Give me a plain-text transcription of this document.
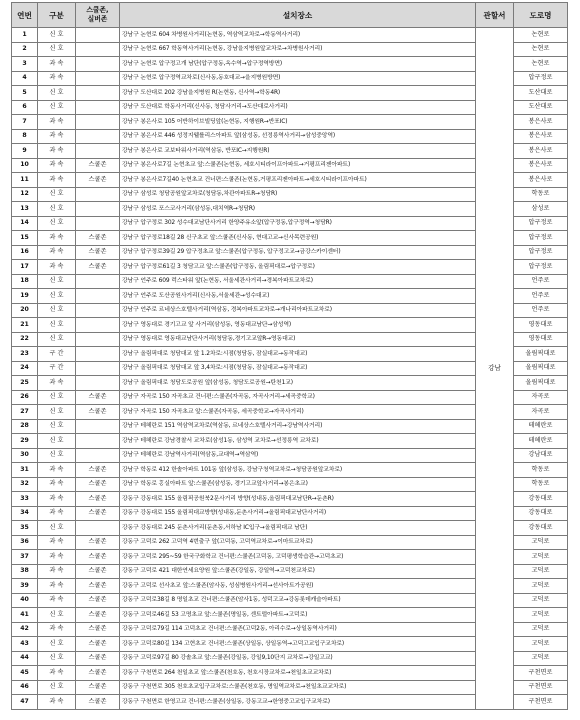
연번	구분	스쿨존,
실버존	설치장소	관할서	도로명
1	신 호		강남구 논현로 604 차병원사거리(논현동, 역삼역교차로→학동역사거리)	강남	논현로
2	신 호		강남구 논현로 667 학동역사거리(논현동, 강남을지병원앞교차로→차병원사거리)		논현로
3	과 속		강남구 논현로 압구정고개 남단(압구정동,옥수역→압구정역방면)		논현로
4	과 속		강남구 논현로 압구정역교차로(신사동,동호대교→을지병원방면)		압구정로
5	신 호		강남구 도산대로 202 강남을지병원 R(논현동, 신사역→학동4R)		도산대로
6	신 호		강남구 도산대로 학동사거리(신사동, 청담사거리→도산대로사거리)		도산대로
7	과 속		강남구 봉은사로 105 어반하이브빌딩앞(논현동, 지행원R→반포IC)		봉은사로
8	과 속		강남구 봉은사로 446 성정지웰를리스아파트 앞(삼성동, 선정릉역사거리→삼성중앙역)		봉은사로
9	과 속		강남구 봉은사로 교보타워사거리(역삼동, 반포IC→지행원R)		봉은사로
10	과 속	스쿨존	강남구 봉은사로7길 논현초교 앞:스쿨존(논현동, 세호시티라이프아파트→거평프리젠아파트)		봉은사로
11	과 속	스쿨존	강남구 봉은사로7길40 논현초교 건너편:스쿨존(논현동,거평프리젠아파트→세호시티라이프아파트)		봉은사로
12	신 호		강남구 삼성로 청담공원앞교차로(청담동,차관아파트R→청담R)		학동로
13	신 호		강남구 삼성로 포스코사거리(삼성동,대치역R→청담R)		삼성로
14	신 호		강남구 압구정로 302 성수대교남단사거리 한양주유소앞(압구정동,압구정역→청담R)		압구정로
15	과 속	스쿨존	강남구 압구정로18길 28 신구초교 앞:스쿨존(신사동, 현대고교→신사목련공원)		압구정로
16	과 속	스쿨존	강남구 압구정로39길 29 압구정초교 앞:스쿨존(압구정동, 압구정고교→금강스카이센터)		압구정로
17	과 속	스쿨존	강남구 압구정로61길 3 청담고교 앞:스쿨존(압구정동, 올림픽대로→압구정로)		압구정로
18	신 호		강남구 언주로 609 럭스타워 앞(논현동, 서울세관사거리→경복아파트교차로)		언주로
19	신 호		강남구 언주로 도산공원사거리(신사동,서울세관→성수대교)		언주로
20	신 호		강남구 언주로 르네상스호텔사거리(역삼동, 경복아파트교차로→개나리아파트교차로)		언주로
21	신 호		강남구 영동대로 경기고교 앞 사거리(삼성동, 영동대교남단→삼성역)		영동대로
22	신 호		강남구 영동대로 영동대교남단사거리(청담동,경기고교앞R→영동대교)		영동대로
23	구 간		강남구 올림픽대로 청담대교 앞 1.2차로:시점(청담동, 잠실대교→동작대교)		올림픽대로
24	구 간		강남구 올림픽대로 청담대교 앞 3,4차로:시점(청담동, 잠실대교→동작대교)		올림픽대로
25	과 속		강남구 올림픽대로 청담도로공원 앞(삼성동, 청담도로공원→탄천1교)		올림픽대로
26	신 호	스쿨존	강남구 자곡로 150 자곡초교 건너편:스쿨존(자곡동, 자곡사거리→세곡중학교)		자곡로
27	신 호	스쿨존	강남구 자곡로 150 자곡초교 앞:스쿨존(자곡동, 세곡중학교→자곡사거리)		자곡로
28	신 호		강남구 테헤란로 151 역삼역교차로(역삼동, 르네상스호텔사거리→강남역사거리)		테헤란로
29	신 호		강남구 테헤란로 강남경찰서 교차로(삼성1동, 삼성역 교차로→선정릉역 교차로)		테헤란로
30	신 호		강남구 테헤란로 강남역사거리(역삼동,교대역→역삼역)		강남대로
31	과 속	스쿨존	강남구 학동로 412 한솔아파트 101동 앞(삼성동, 강남구청역교차로→청담공원앞교차로)		학동로
32	과 속	스쿨존	강남구 학동로 홍실아파트 앞:스쿨존(삼성동, 경기고교앞사거리→봉은초교)		학동로
33	과 속	스쿨존	강동구 강동대로 155 올림픽공원북2문사거리 방향(성내동,올림픽대교남단R→둔촌R)		강동대로
34	과 속	스쿨존	강동구 강동대로 155 올림픽대교방향(성내동,둔촌사거리→올림픽대교남단사거리)		강동대로
35	신 호		강동구 강동대로 245 둔촌사거리(둔촌동,서하남 IC입구→올림픽대교 남단)		강동대로
36	과 속	스쿨존	강동구 고덕로 262 고덕역 4번출구 앞(고덕동, 고덕역교차로→이마트교차로)		고덕로
37	과 속	스쿨존	강동구 고덕로 295~59 한국구화학교 건너편:스쿨존(고덕동, 고덕평생학습관→고덕초교)		고덕로
38	과 속	스쿨존	강동구 고덕로 421 대한연세요양원 앞:스쿨존(강일동, 강일역→고덕천교차로)		고덕로
39	과 속	스쿨존	강동구 고덕로 선사초교 앞:스쿨존(암사동, 성심병원사거리→선사아트가공원)		고덕로
40	과 속	스쿨존	강동구 고덕로38길 8 명일초교 건너편:스쿨존(암사1동, 성덕고교→강동롯데캐슬아파트)		고덕로
41	신 호	스쿨존	강동구 고덕로46길 53 고명초교 앞:스쿨존(명일동, 센트럴아파트→고덕로)		고덕로
42	과 속	스쿨존	강동구 고덕로79길 114 고덕초교 건너편:스쿨존(고덕2동, 아리수로→상일동역사거리)		고덕로
43	신 호	스쿨존	강동구 고덕로80길 134 고현초교 건너편:스쿨존(상일동, 상일동역→고덕고교입구교차로)		고덕로
44	신 호	스쿨존	강동구 고덕로97길 80 강솔초교 앞:스쿨존(강일동, 강일9,10단지 교차로→강일고교)		고덕로
45	과 속	스쿨존	강동구 구천면로 264 천일초교 앞:스쿨존(천호동, 천호시장교차로→천일초교교차로)		구천면로
46	신 호	스쿨존	강동구 구천면로 305 천호초교입구교차로:스쿨존(천호동, 명일역교차로→천일초교교차로)		구천면로
47	과 속	스쿨존	강동구 구천면로 한영고교 건너편:스쿨존(상일동, 강동고교→한영중고교입구교차로)		구천면로
